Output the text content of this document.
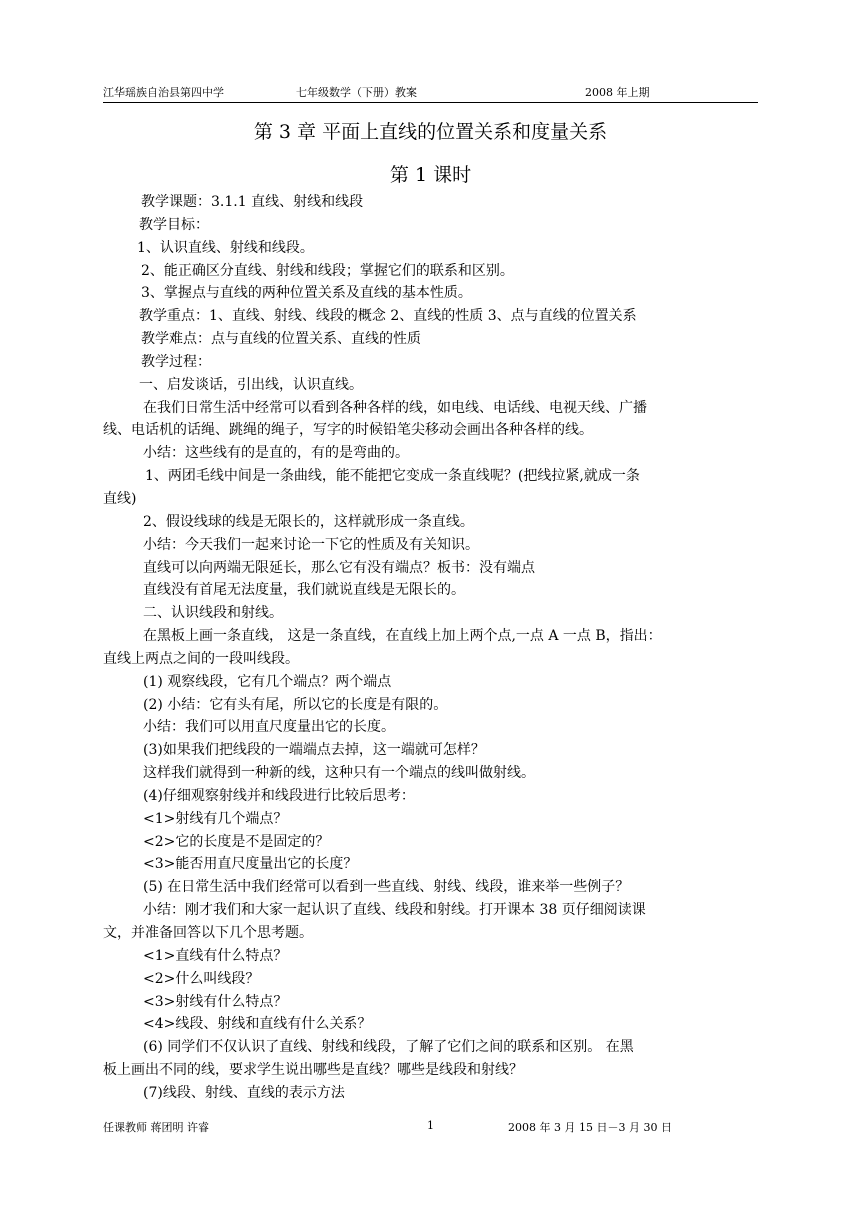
江华瑶族自治县第四中学	七年级数学（下册）教案	2008 年上期
第 3 章 平面上直线的位置关系和度量关系
第 1 课时
教学课题：3.1.1 直线、射线和线段
教学目标：
1、认识直线、射线和线段。
2、能正确区分直线、射线和线段；掌握它们的联系和区别。
3、掌握点与直线的两种位置关系及直线的基本性质。
教学重点：1、直线、射线、线段的概念 2、直线的性质 3、点与直线的位置关系
教学难点：点与直线的位置关系、直线的性质
教学过程：
一、启发谈话，引出线，认识直线。
在我们日常生活中经常可以看到各种各样的线，如电线、电话线、电视天线、广播
线、电话机的话绳、跳绳的绳子，写字的时候铅笔尖移动会画出各种各样的线。
小结：这些线有的是直的，有的是弯曲的。
1、两团毛线中间是一条曲线，能不能把它变成一条直线呢？(把线拉紧,就成一条
直线)
2、假设线球的线是无限长的，这样就形成一条直线。
小结：今天我们一起来讨论一下它的性质及有关知识。
直线可以向两端无限延长，那么它有没有端点？板书：没有端点
直线没有首尾无法度量，我们就说直线是无限长的。
二、认识线段和射线。
在黑板上画一条直线， 这是一条直线，在直线上加上两个点,一点 A 一点 B，指出：
直线上两点之间的一段叫线段。
(1) 观察线段，它有几个端点？两个端点
(2) 小结：它有头有尾，所以它的长度是有限的。
小结：我们可以用直尺度量出它的长度。
(3)如果我们把线段的一端端点去掉，这一端就可怎样？
这样我们就得到一种新的线，这种只有一个端点的线叫做射线。
(4)仔细观察射线并和线段进行比较后思考：
<1>射线有几个端点？
<2>它的长度是不是固定的？
<3>能否用直尺度量出它的长度？
(5) 在日常生活中我们经常可以看到一些直线、射线、线段，谁来举一些例子？
小结：刚才我们和大家一起认识了直线、线段和射线。打开课本 38 页仔细阅读课
文，并准备回答以下几个思考题。
<1>直线有什么特点？
<2>什么叫线段？
<3>射线有什么特点？
<4>线段、射线和直线有什么关系？
(6) 同学们不仅认识了直线、射线和线段，了解了它们之间的联系和区别。 在黑
板上画出不同的线，要求学生说出哪些是直线？哪些是线段和射线？
(7)线段、射线、直线的表示方法
任课教师 蒋团明 许睿	1	2008 年 3 月 15 日－3 月 30 日
